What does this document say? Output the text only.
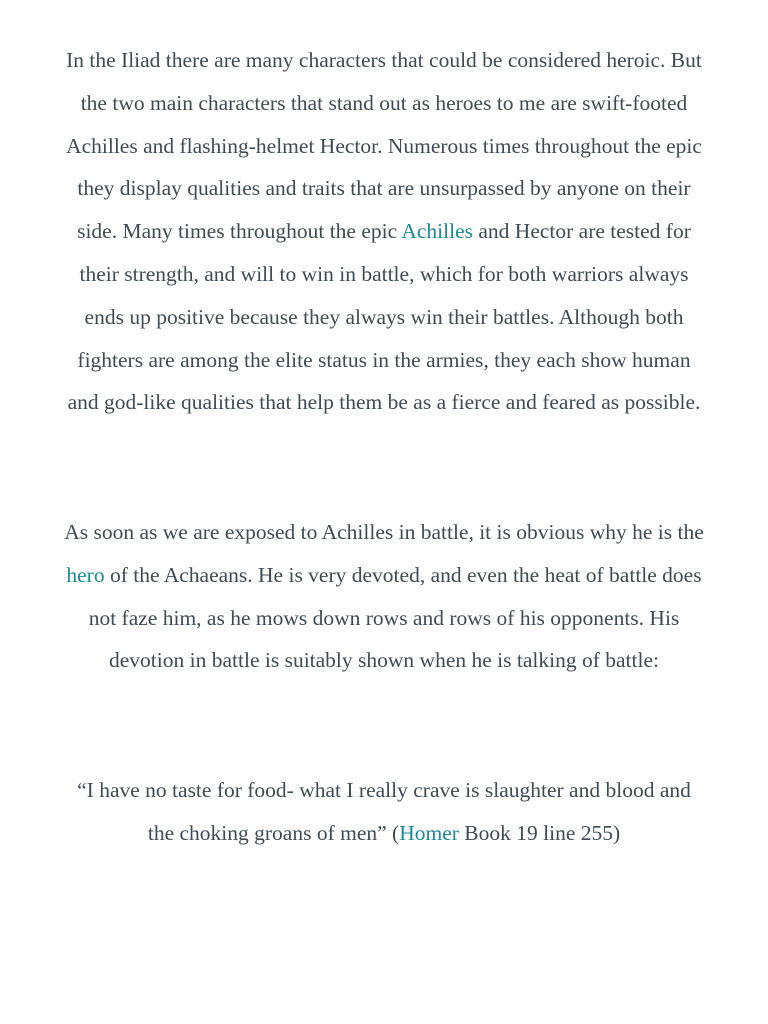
In the Iliad there are many characters that could be considered heroic. But
the two main characters that stand out as heroes to me are swift-footed
Achilles and flashing-helmet Hector. Numerous times throughout the epic
they display qualities and traits that are unsurpassed by anyone on their
side. Many times throughout the epic Achilles and Hector are tested for
their strength, and will to win in battle, which for both warriors always
ends up positive because they always win their battles. Although both
fighters are among the elite status in the armies, they each show human
and god-like qualities that help them be as a fierce and feared as possible.

As soon as we are exposed to Achilles in battle, it is obvious why he is the
hero of the Achaeans. He is very devoted, and even the heat of battle does
not faze him, as he mows down rows and rows of his opponents. His
devotion in battle is suitably shown when he is talking of battle:

“I have no taste for food- what I really crave is slaughter and blood and
the choking groans of men” (Homer Book 19 line 255)
